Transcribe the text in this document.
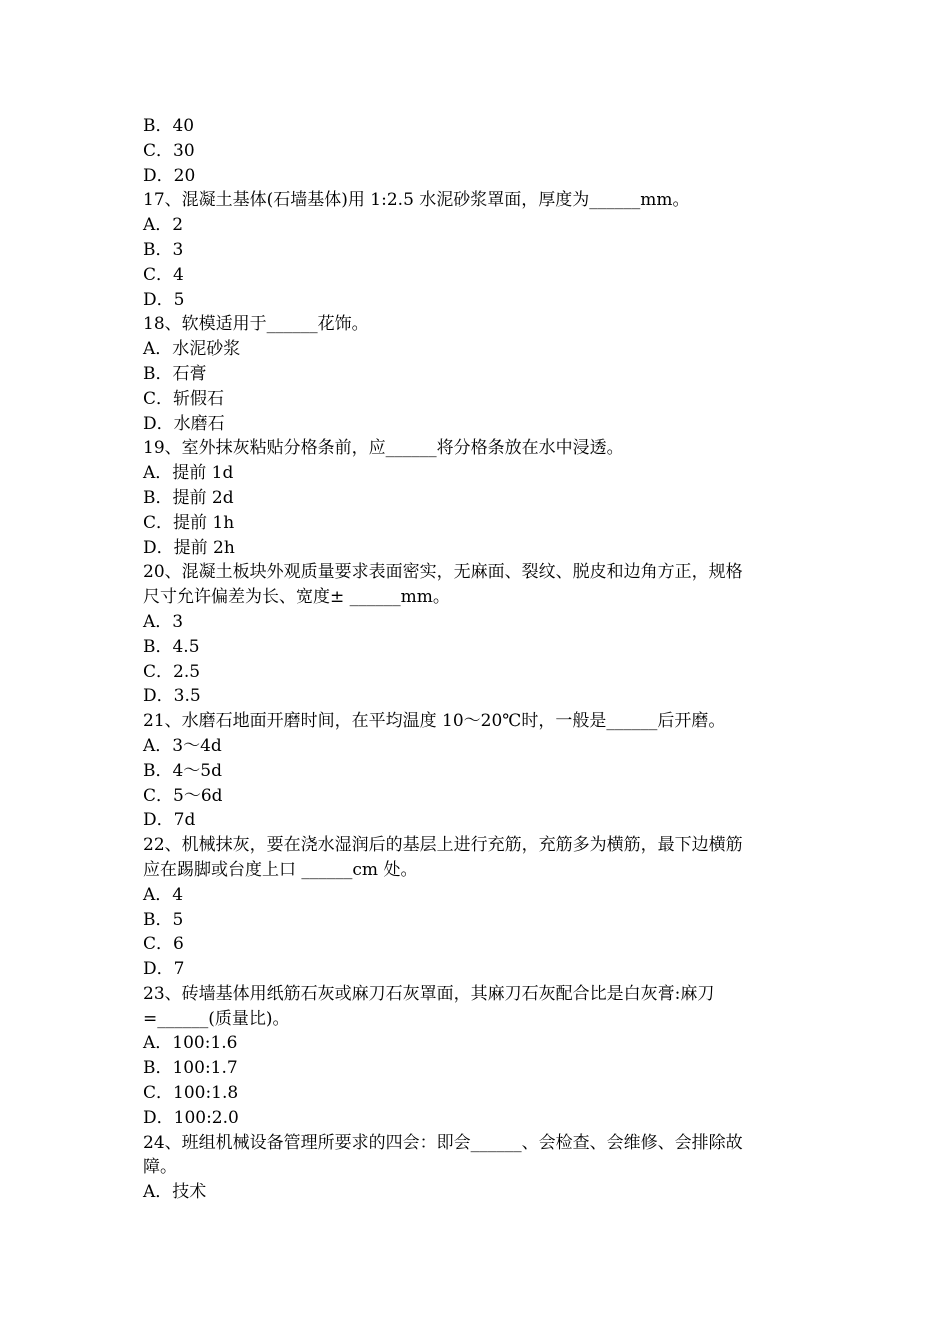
B．40

C．30

D．20

17、混凝土基体(石墙基体)用 1:2.5 水泥砂浆罩面，厚度为______mm。

A．2

B．3

C．4

D．5

18、软模适用于______花饰。

A．水泥砂浆

B．石膏

C．斩假石

D．水磨石

19、室外抹灰粘贴分格条前，应______将分格条放在水中浸透。

A．提前 1d

B．提前 2d

C．提前 1h

D．提前 2h

20、混凝土板块外观质量要求表面密实，无麻面、裂纹、脱皮和边角方正，规格

尺寸允许偏差为长、宽度± ______mm。

A．3

B．4.5

C．2.5

D．3.5

21、水磨石地面开磨时间，在平均温度 10～20℃时，一般是______后开磨。

A．3～4d

B．4～5d

C．5～6d

D．7d

22、机械抹灰，要在浇水湿润后的基层上进行充筋，充筋多为横筋，最下边横筋

应在踢脚或台度上口 ______cm 处。

A．4

B．5

C．6

D．7

23、砖墙基体用纸筋石灰或麻刀石灰罩面，其麻刀石灰配合比是白灰膏:麻刀

=______(质量比)。

A．100:1.6

B．100:1.7

C．100:1.8

D．100:2.0

24、班组机械设备管理所要求的四会：即会______、会检查、会维修、会排除故

障。

A．技术
